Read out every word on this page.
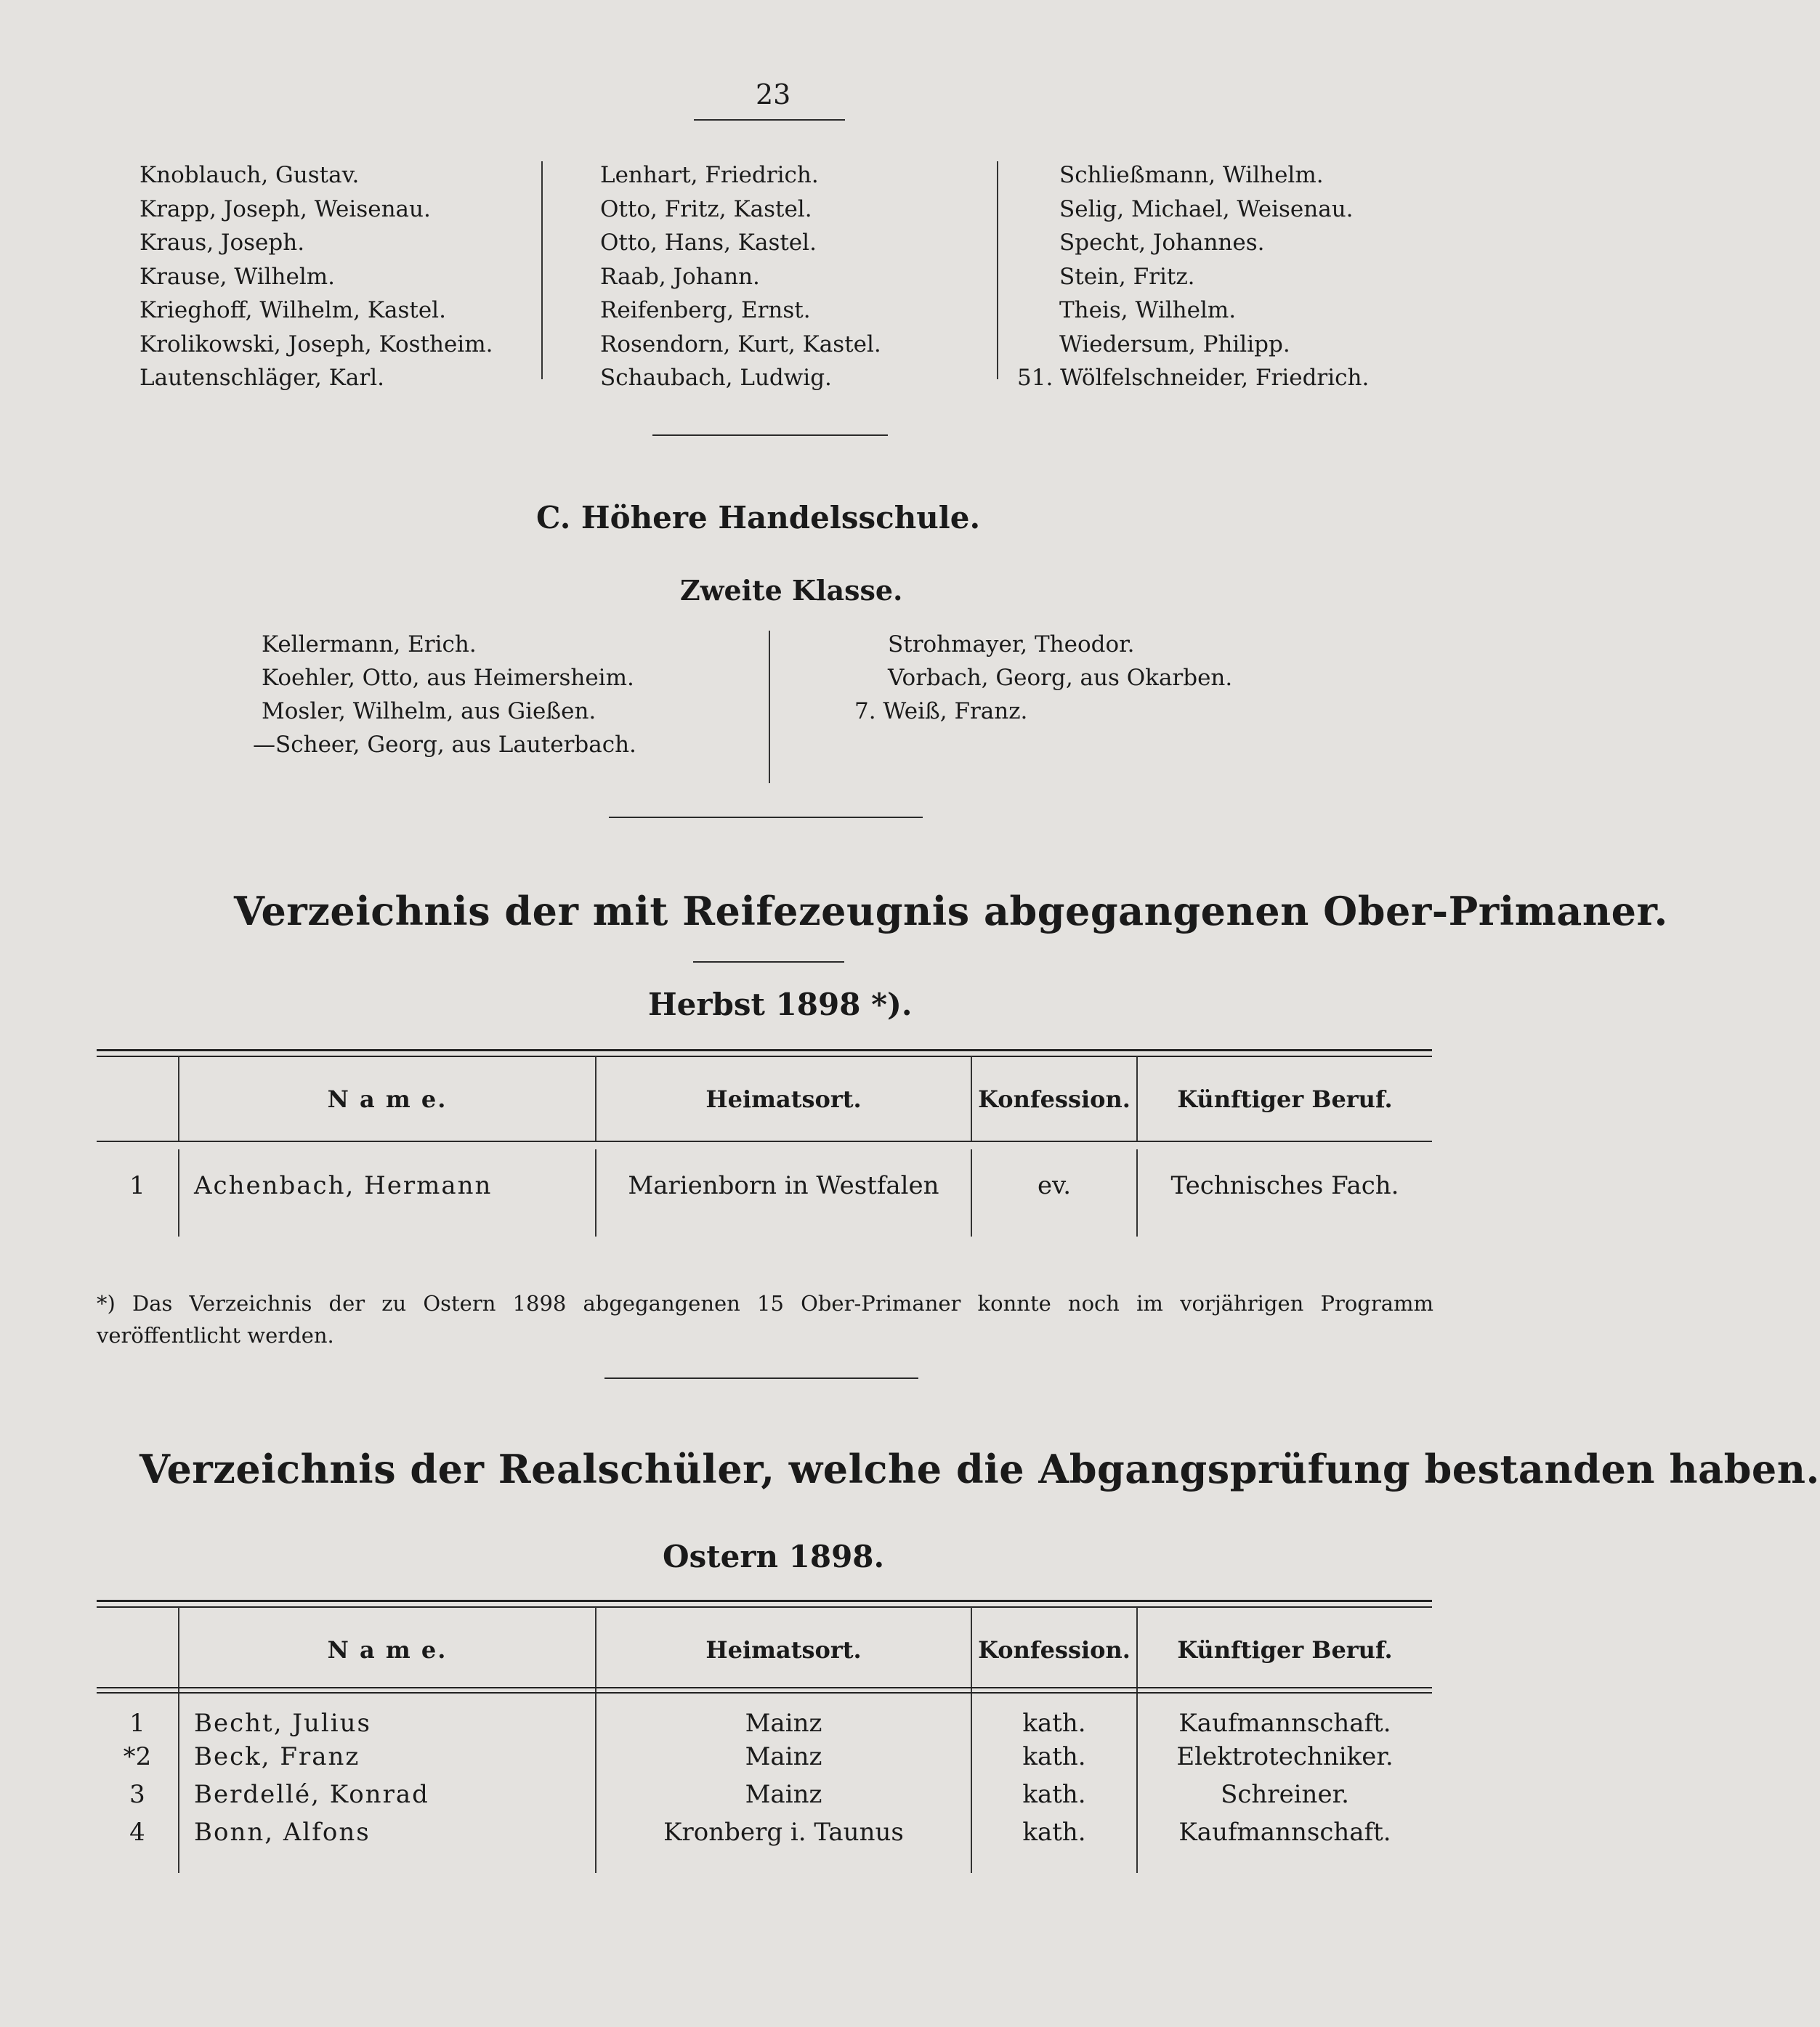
23
Knoblauch, Gustav.
Krapp, Joseph, Weisenau.
Kraus, Joseph.
Krause, Wilhelm.
Krieghoff, Wilhelm, Kastel.
Krolikowski, Joseph, Kostheim.
Lautenschläger, Karl.
Lenhart, Friedrich.
Otto, Fritz, Kastel.
Otto, Hans, Kastel.
Raab, Johann.
Reifenberg, Ernst.
Rosendorn, Kurt, Kastel.
Schaubach, Ludwig.
Schließmann, Wilhelm.
Selig, Michael, Weisenau.
Specht, Johannes.
Stein, Fritz.
Theis, Wilhelm.
Wiedersum, Philipp.
51. Wölfelschneider, Friedrich.
C. Höhere Handelsschule.
Zweite Klasse.
Kellermann, Erich.
Koehler, Otto, aus Heimersheim.
Mosler, Wilhelm, aus Gießen.
—Scheer, Georg, aus Lauterbach.
Strohmayer, Theodor.
Vorbach, Georg, aus Okarben.
7. Weiß, Franz.
Verzeichnis der mit Reifezeugnis abgegangenen Ober-Primaner.
Herbst 1898 *).
	N a m e.	Heimatsort.	Konfession.	Künftiger Beruf.

1	Achenbach, Hermann	Marienborn in Westfalen	ev.	Technisches Fach.

*) Das Verzeichnis der zu Ostern 1898 abgegangenen 15 Ober-Primaner konnte noch im vorjährigen Programm veröffentlicht werden.
Verzeichnis der Realschüler, welche die Abgangsprüfung bestanden haben.
Ostern 1898.
	N a m e.	Heimatsort.	Konfession.	Künftiger Beruf.
1	Becht, Julius	Mainz	kath.	Kaufmannschaft.
*2	Beck, Franz	Mainz	kath.	Elektrotechniker.
3	Berdellé, Konrad	Mainz	kath.	Schreiner.
4	Bonn, Alfons	Kronberg i. Taunus	kath.	Kaufmannschaft.
